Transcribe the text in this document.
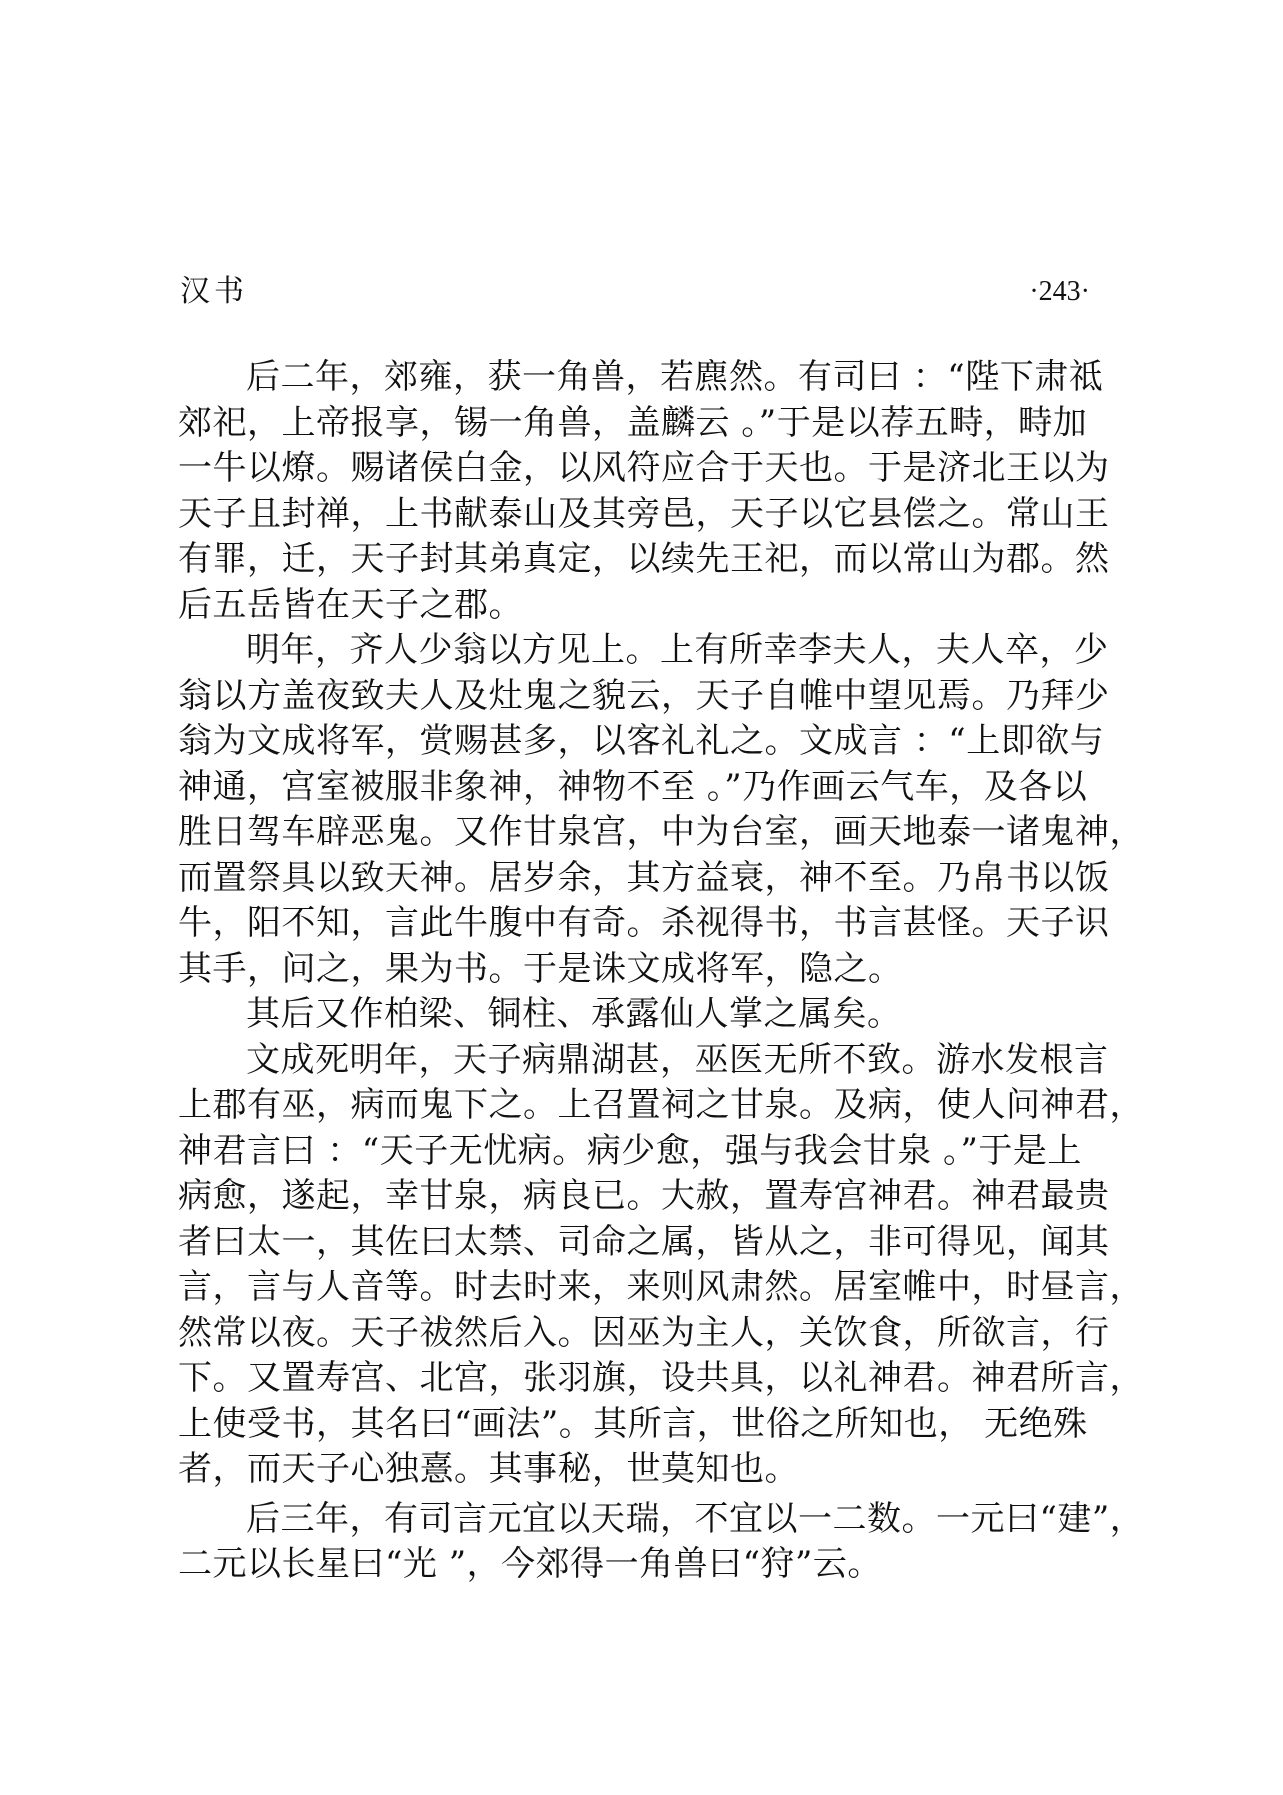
汉书	·243·
后二年，郊雍，获一角兽，若麃然。有司曰 ：“陛下肃祗
郊祀，上帝报享，锡一角兽，盖麟云 。”于是以荐五畤，畤加
一牛以燎。赐诸侯白金，以风符应合于天也。于是济北王以为
天子且封禅，上书献泰山及其旁邑，天子以它县偿之。常山王
有罪，迁，天子封其弟真定，以续先王祀，而以常山为郡。然
后五岳皆在天子之郡。
明年，齐人少翁以方见上。上有所幸李夫人，夫人卒，少
翁以方盖夜致夫人及灶鬼之貌云，天子自帷中望见焉。乃拜少
翁为文成将军，赏赐甚多，以客礼礼之。文成言 ：“上即欲与
神通，宫室被服非象神，神物不至 。”乃作画云气车，及各以
胜日驾车辟恶鬼。又作甘泉宫，中为台室，画天地泰一诸鬼神，
而置祭具以致天神。居岁余，其方益衰，神不至。乃帛书以饭
牛，阳不知，言此牛腹中有奇。杀视得书，书言甚怪。天子识
其手，问之，果为书。于是诛文成将军，隐之。
其后又作柏梁、铜柱、承露仙人掌之属矣。
文成死明年，天子病鼎湖甚，巫医无所不致。游水发根言
上郡有巫，病而鬼下之。上召置祠之甘泉。及病，使人问神君，
神君言曰 ：“天子无忧病。病少愈，强与我会甘泉 。”于是上
病愈，遂起，幸甘泉，病良已。大赦，置寿宫神君。神君最贵
者曰太一，其佐曰太禁、司命之属，皆从之，非可得见，闻其
言，言与人音等。时去时来，来则风肃然。居室帷中，时昼言，
然常以夜。天子祓然后入。因巫为主人，关饮食，所欲言，行
下。又置寿宫、北宫，张羽旗，设共具，以礼神君。神君所言，
上使受书，其名曰“画法”。其所言，世俗之所知也， 无绝殊
者，而天子心独憙。其事秘，世莫知也。
后三年，有司言元宜以天瑞，不宜以一二数。一元曰“建”，
二元以长星曰“光 ”，今郊得一角兽曰“狩”云。
